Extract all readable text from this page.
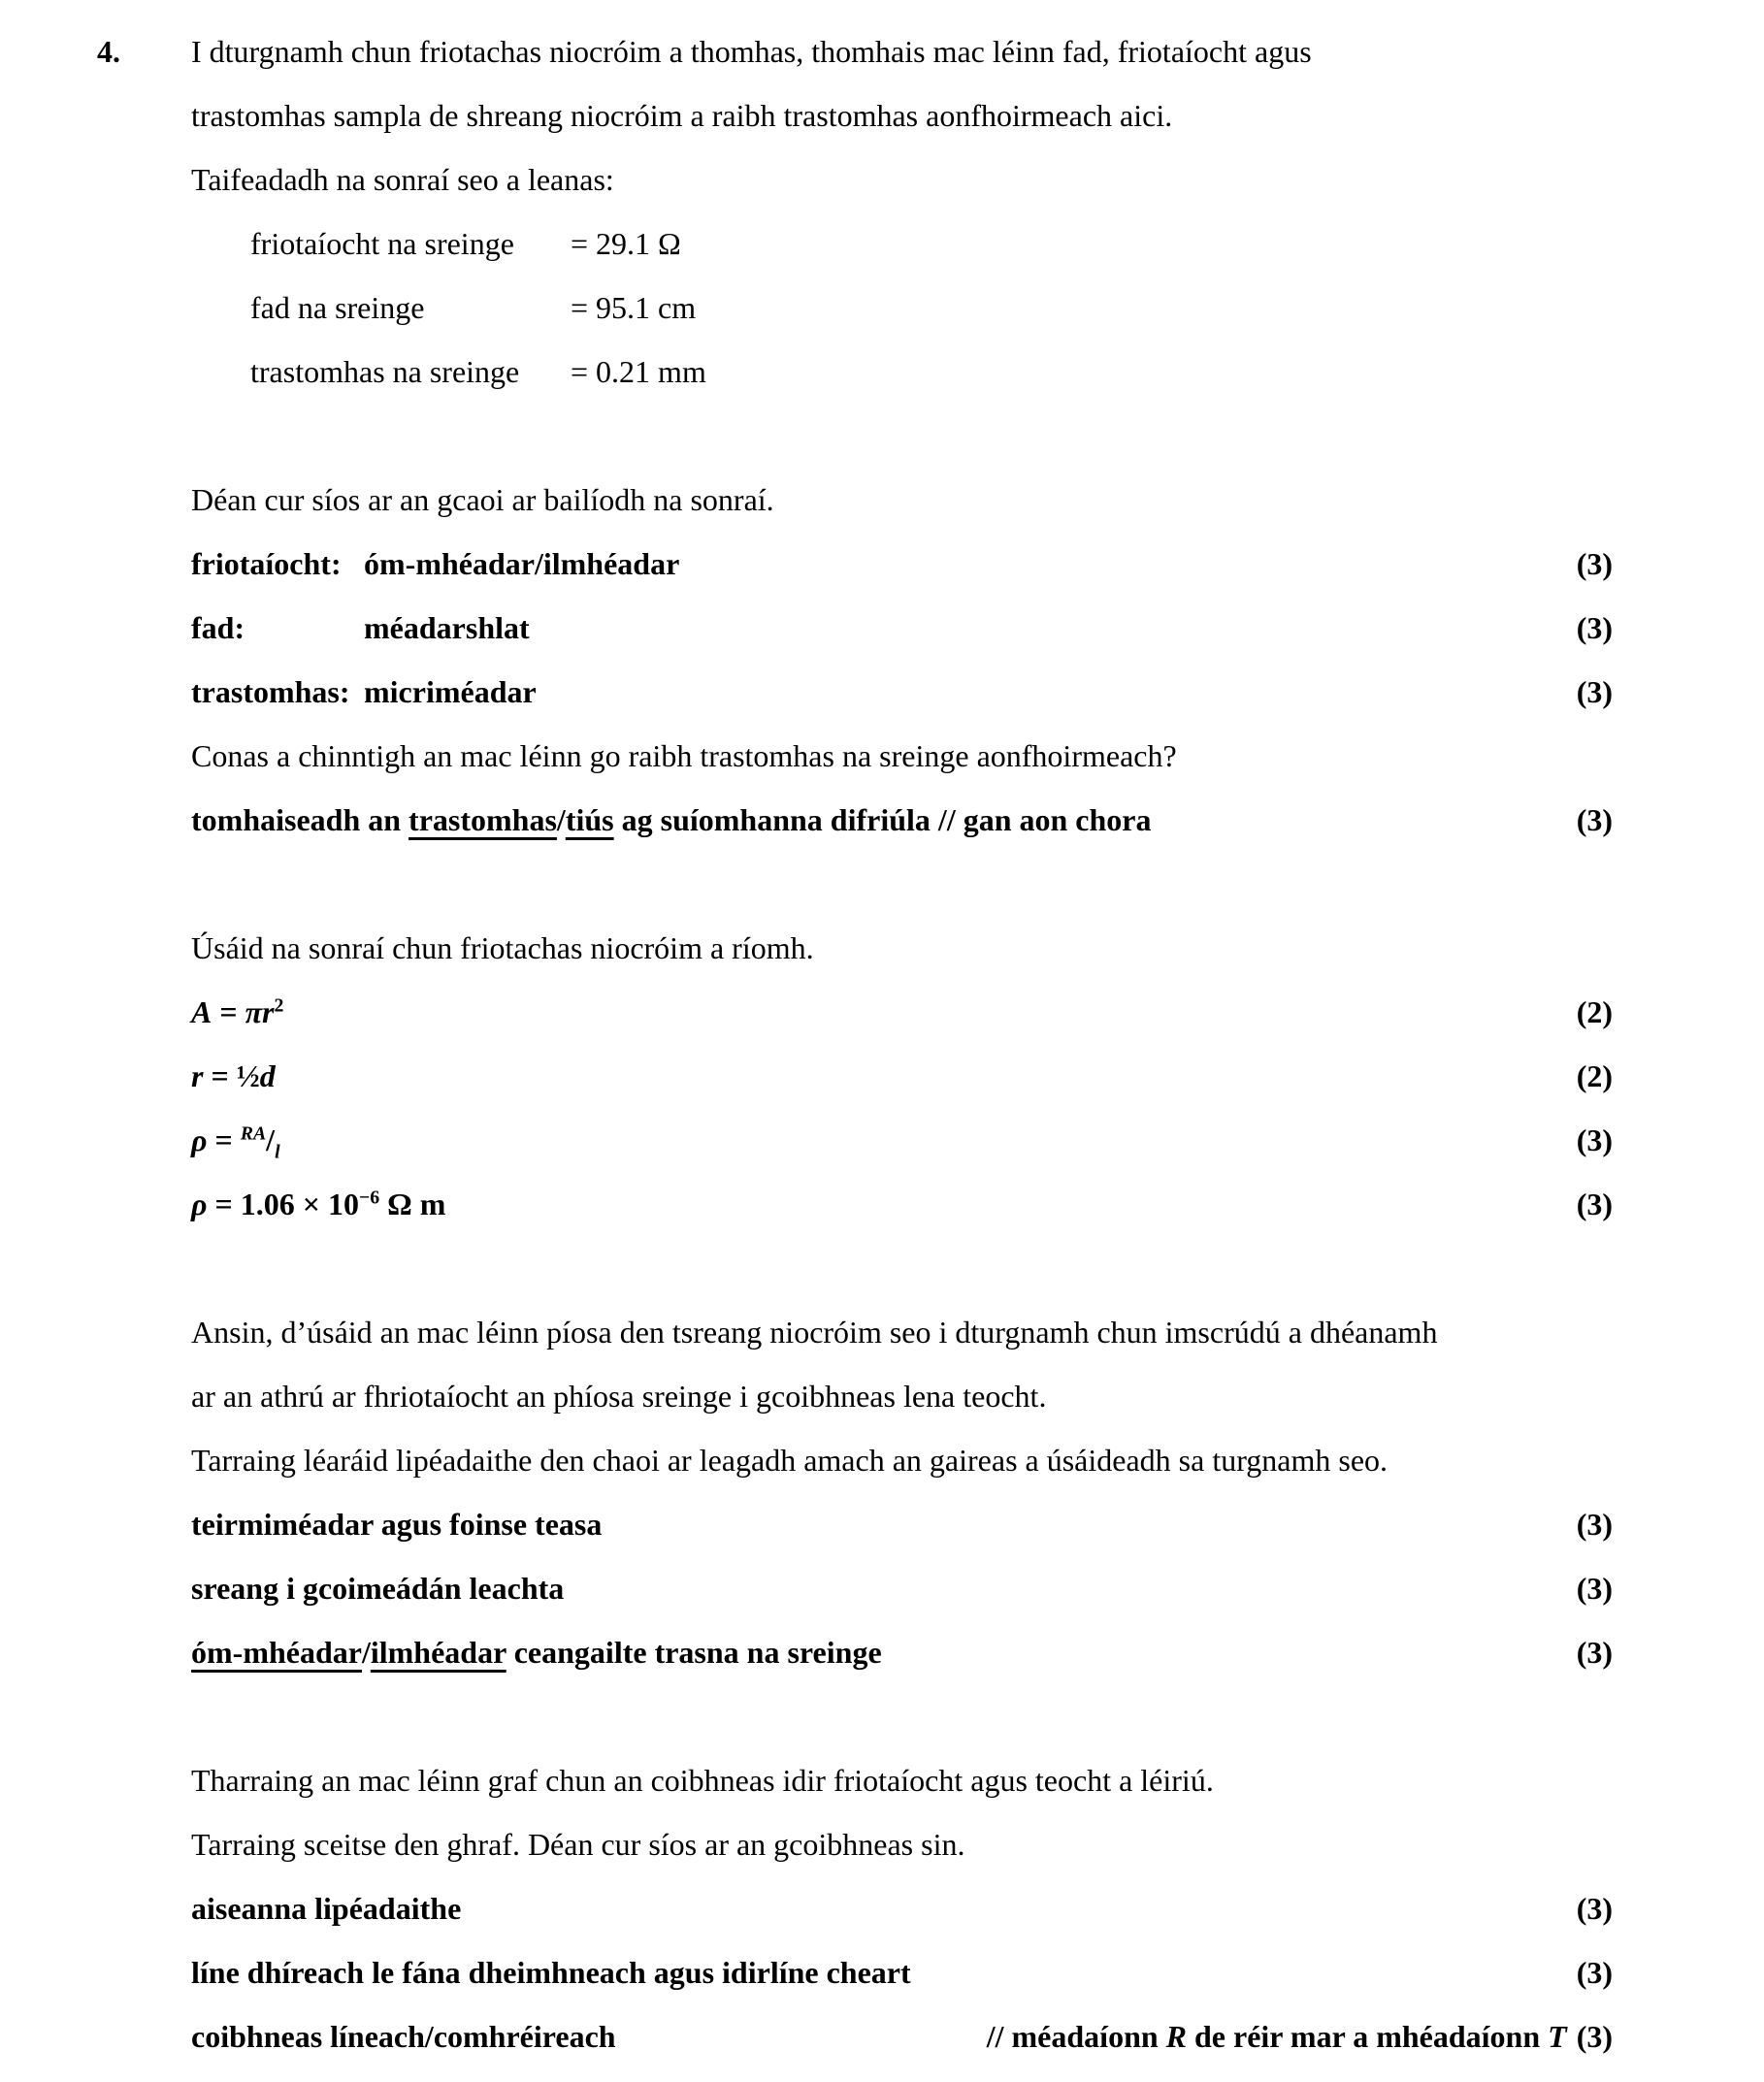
4.	I dturgnamh chun friotachas niocróim a thomhas, thomhais mac léinn fad, friotaíocht agus
trastomhas sampla de shreang niocróim a raibh trastomhas aonfhoirmeach aici.
Taifeadadh na sonraí seo a leanas:
friotaíocht na sreinge = 29.1 Ω
fad na sreinge	= 95.1 cm
trastomhas na sreinge = 0.21 mm
Déan cur síos ar an gcaoi ar bailíodh na sonraí.
friotaíocht: óm-mhéadar/ilmhéadar	(3)
fad:	méadarshlat	(3)
trastomhas: micriméadar	(3)
Conas a chinntigh an mac léinn go raibh trastomhas na sreinge aonfhoirmeach?
tomhaiseadh an trastomhas/tiús ag suíomhanna difriúla // gan aon chora	(3)
Úsáid na sonraí chun friotachas niocróim a ríomh.
$A = \pi r^2$	(2)
r = ½d	(2)
$\rho = ^{RA}/_l$	(3)
$\rho = 1.06 \times 10^{-6}$ Ω m	(3)
Ansin, d’úsáid an mac léinn píosa den tsreang niocróim seo i dturgnamh chun imscrúdú a dhéanamh
ar an athrú ar fhriotaíocht an phíosa sreinge i gcoibhneas lena teocht.
Tarraing léaráid lipéadaithe den chaoi ar leagadh amach an gaireas a úsáideadh sa turgnamh seo.
teirmiméadar agus foinse teasa	(3)
sreang i gcoimeádán leachta	(3)
óm-mhéadar/ilmhéadar ceangailte trasna na sreinge	(3)
Tharraing an mac léinn graf chun an coibhneas idir friotaíocht agus teocht a léiriú.
Tarraing sceitse den ghraf. Déan cur síos ar an gcoibhneas sin.
aiseanna lipéadaithe	(3)
líne dhíreach le fána dheimhneach agus idirlíne cheart	(3)
coibhneas líneach/comhréireach	// méadaíonn R de réir mar a mhéadaíonn T (3)
